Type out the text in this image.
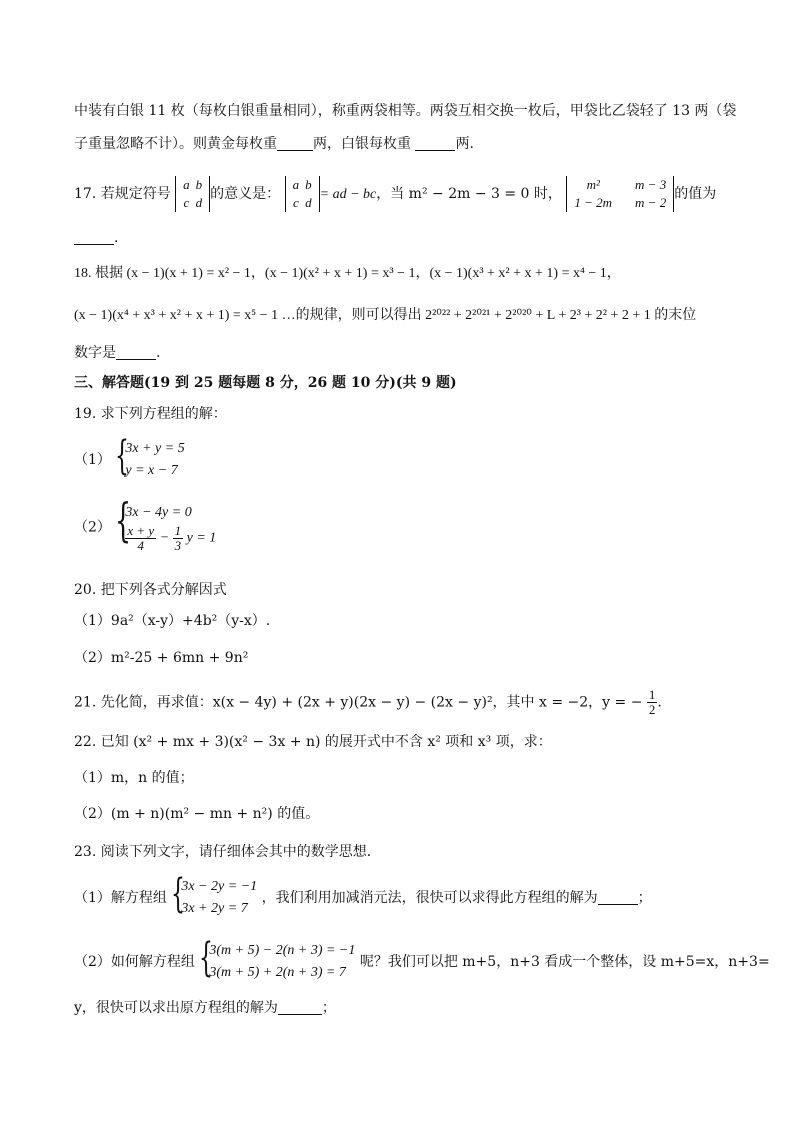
中装有白银 11 枚（每枚白银重量相同），称重两袋相等。两袋互相交换一枚后，甲袋比乙袋轻了 13 两（袋
子重量忽略不计）。则黄金每枚重	两，白银每枚重	两.
17. 若规定符号
a	b
c	d
的意义是：
a	b
c	d
= ad − bc，当 m² − 2m − 3 = 0 时，
m²	m − 3
1 − 2m	m − 2
的值为
.
18. 根据 (x − 1)(x + 1) = x² − 1，(x − 1)(x² + x + 1) = x³ − 1，(x − 1)(x³ + x² + x + 1) = x⁴ − 1，
(x − 1)(x⁴ + x³ + x² + x + 1) = x⁵ − 1 …的规律，则可以得出 2²⁰²² + 2²⁰²¹ + 2²⁰²⁰ + L + 2³ + 2² + 2 + 1 的末位
数字是	.
三、解答题(19 到 25 题每题 8 分，26 题 10 分)(共 9 题)
19. 求下列方程组的解：
（1） {
3x + y = 5
y = x − 7
（2） {
3x − 4y = 0
$\frac{x + y}{4} - \frac{1}{3}$ y = 1
20. 把下列各式分解因式
（1）9a²（x-y）+4b²（y-x）.
（2）m²-25 + 6mn + 9n²
21. 先化简，再求值：x(x − 4y) + (2x + y)(2x − y) − (2x − y)²，其中 x = −2，y = − $\frac{1}{2}$ .
22. 已知 (x² + mx + 3)(x² − 3x + n) 的展开式中不含 x² 项和 x³ 项，求：
（1）m，n 的值；
（2）(m + n)(m² − mn + n²) 的值。
23. 阅读下列文字，请仔细体会其中的数学思想．
（1）解方程组 {
3x − 2y = −1
3x + 2y = 7
，我们利用加减消元法，很快可以求得此方程组的解为	；
（2）如何解方程组 {
3(m + 5) − 2(n + 3) = −1
3(m + 5) + 2(n + 3) = 7
呢？我们可以把 m+5，n+3 看成一个整体，设 m+5=x，n+3=
y，很快可以求出原方程组的解为	；
